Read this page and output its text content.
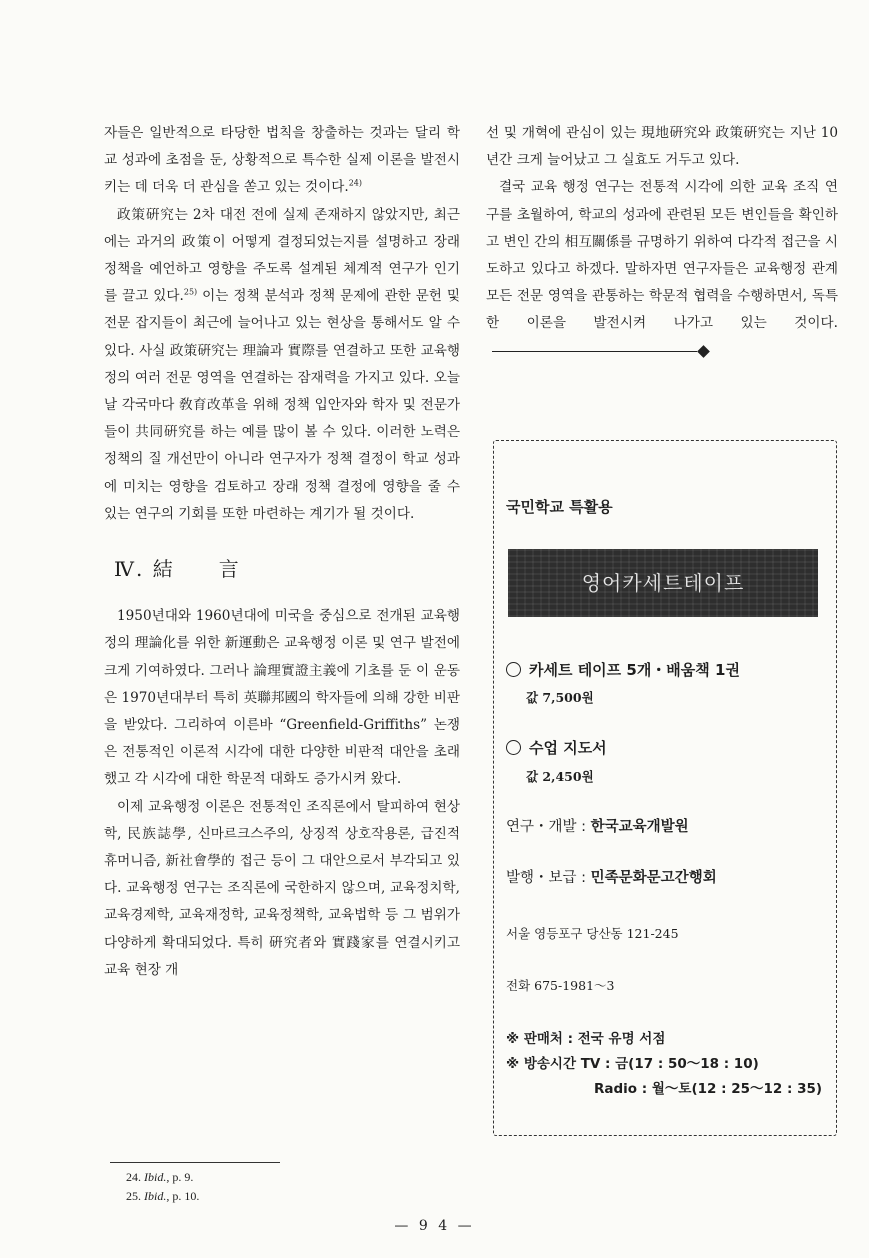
자들은 일반적으로 타당한 법칙을 창출하는 것과는 달리 학교 성과에 초점을 둔, 상황적으로 특수한 실제 이론을 발전시키는 데 더욱 더 관심을 쏟고 있는 것이다.$^{24)}$

政策硏究는 2차 대전 전에 실제 존재하지 않았지만, 최근에는 과거의 政策이 어떻게 결정되었는지를 설명하고 장래 정책을 예언하고 영향을 주도록 설계된 체계적 연구가 인기를 끌고 있다.$^{25)}$ 이는 정책 분석과 정책 문제에 관한 문헌 및 전문 잡지들이 최근에 늘어나고 있는 현상을 통해서도 알 수 있다. 사실 政策硏究는 理論과 實際를 연결하고 또한 교육행정의 여러 전문 영역을 연결하는 잠재력을 가지고 있다. 오늘날 각국마다 敎育改革을 위해 정책 입안자와 학자 및 전문가들이 共同硏究를 하는 예를 많이 볼 수 있다. 이러한 노력은 정책의 질 개선만이 아니라 연구자가 정책 결정이 학교 성과에 미치는 영향을 검토하고 장래 정책 결정에 영향을 줄 수 있는 연구의 기회를 또한 마련하는 계기가 될 것이다.

Ⅳ. 結　　言

1950년대와 1960년대에 미국을 중심으로 전개된 교육행정의 理論化를 위한 新運動은 교육행정 이론 및 연구 발전에 크게 기여하였다. 그러나 論理實證主義에 기초를 둔 이 운동은 1970년대부터 특히 英聯邦國의 학자들에 의해 강한 비판을 받았다. 그리하여 이른바 “Greenfield-Griffiths” 논쟁은 전통적인 이론적 시각에 대한 다양한 비판적 대안을 초래했고 각 시각에 대한 학문적 대화도 증가시켜 왔다.

이제 교육행정 이론은 전통적인 조직론에서 탈피하여 현상학, 民族誌學, 신마르크스주의, 상징적 상호작용론, 급진적 휴머니즘, 新社會學的 접근 등이 그 대안으로서 부각되고 있다. 교육행정 연구는 조직론에 국한하지 않으며, 교육정치학, 교육경제학, 교육재정학, 교육정책학, 교육법학 등 그 범위가 다양하게 확대되었다. 특히 硏究者와 實踐家를 연결시키고 교육 현장 개

선 및 개혁에 관심이 있는 現地硏究와 政策硏究는 지난 10년간 크게 늘어났고 그 실효도 거두고 있다.

결국 교육 행정 연구는 전통적 시각에 의한 교육 조직 연구를 초월하여, 학교의 성과에 관련된 모든 변인들을 확인하고 변인 간의 相互關係를 규명하기 위하여 다각적 접근을 시도하고 있다고 하겠다. 말하자면 연구자들은 교육행정 관계 모든 전문 영역을 관통하는 학문적 협력을 수행하면서, 독특한 이론을 발전시켜 나가고 있는 것이다.

국민학교 특활용
영어카세트테이프
카세트 테이프 5개・배움책 1권
값 7,500원
수업 지도서
값 2,450원
연구・개발 : 한국교육개발원
발행・보급 : 민족문화문고간행회
서울 영등포구 당산동 121-245
전화 675-1981～3
※ 판매처 : 전국 유명 서점
※ 방송시간 TV : 금(17 : 50～18 : 10)
Radio : 월～토(12 : 25～12 : 35)
24. Ibid., p. 9.
25. Ibid., p. 10.
— 9 4 —
